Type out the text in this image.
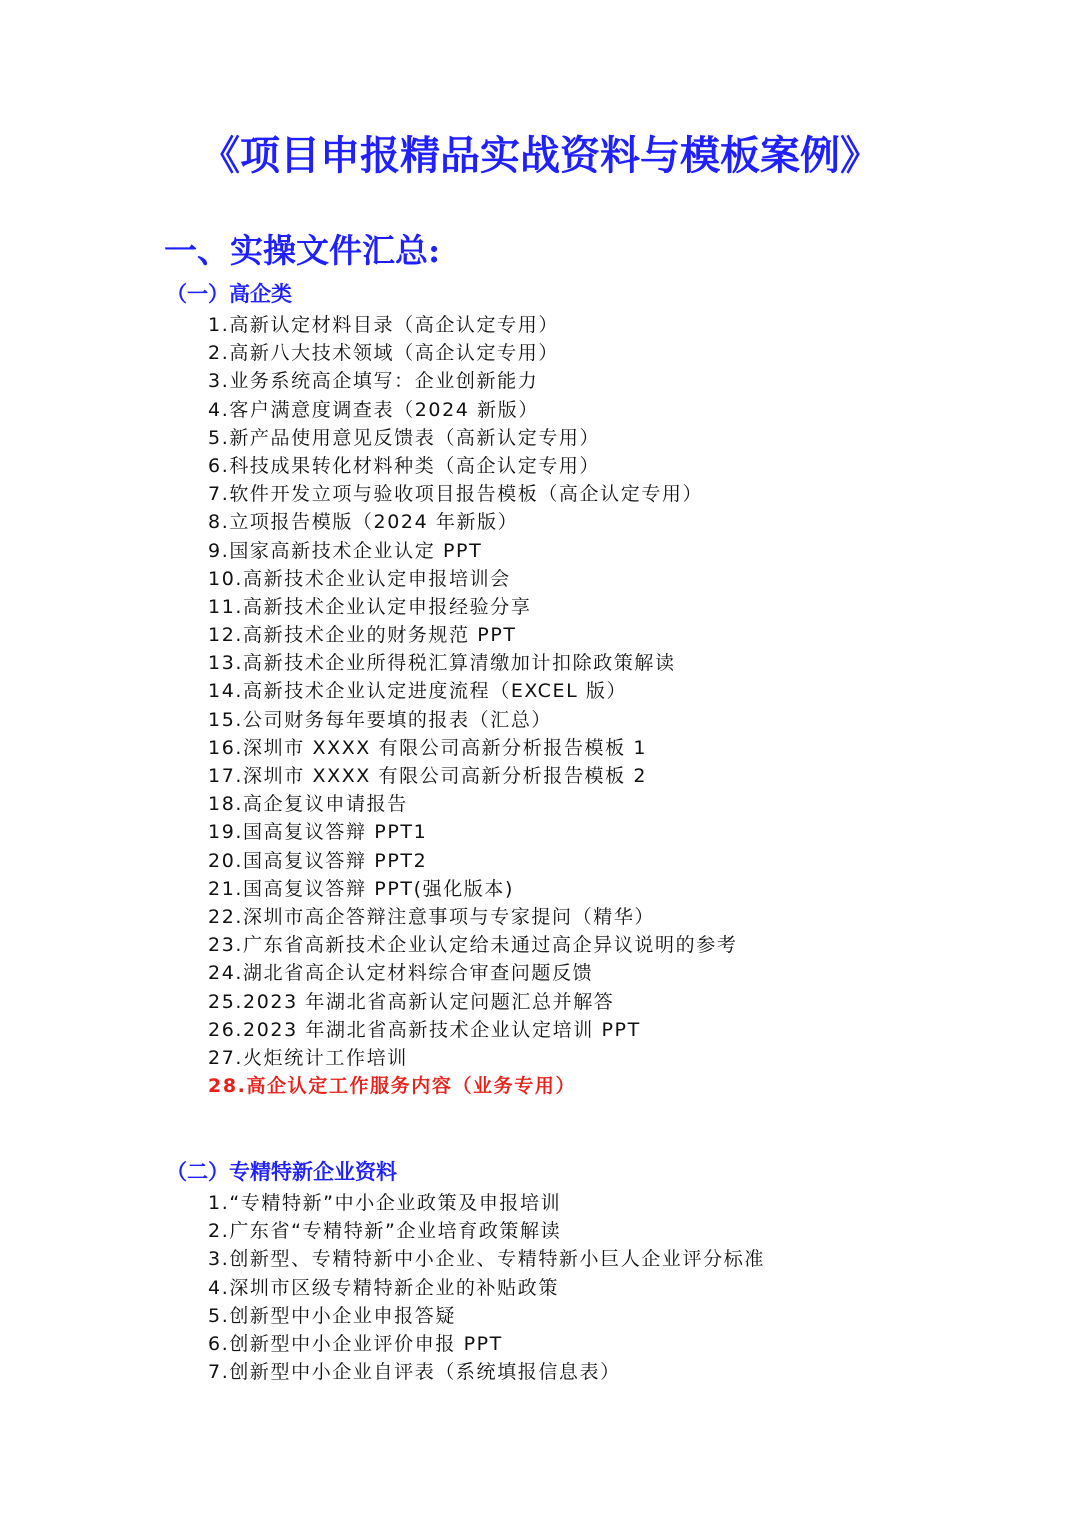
《项目申报精品实战资料与模板案例》
一、实操文件汇总:
（一）高企类
1.高新认定材料目录（高企认定专用）
2.高新八大技术领域（高企认定专用）
3.业务系统高企填写：企业创新能力
4.客户满意度调查表（2024 新版）
5.新产品使用意见反馈表（高新认定专用）
6.科技成果转化材料种类（高企认定专用）
7.软件开发立项与验收项目报告模板（高企认定专用）
8.立项报告模版（2024 年新版）
9.国家高新技术企业认定 PPT
10.高新技术企业认定申报培训会
11.高新技术企业认定申报经验分享
12.高新技术企业的财务规范 PPT
13.高新技术企业所得税汇算清缴加计扣除政策解读
14.高新技术企业认定进度流程（EXCEL 版）
15.公司财务每年要填的报表（汇总）
16.深圳市 XXXX 有限公司高新分析报告模板 1
17.深圳市 XXXX 有限公司高新分析报告模板 2
18.高企复议申请报告
19.国高复议答辩 PPT1
20.国高复议答辩 PPT2
21.国高复议答辩 PPT(强化版本)
22.深圳市高企答辩注意事项与专家提问（精华）
23.广东省高新技术企业认定给未通过高企异议说明的参考
24.湖北省高企认定材料综合审查问题反馈
25.2023 年湖北省高新认定问题汇总并解答
26.2023 年湖北省高新技术企业认定培训 PPT
27.火炬统计工作培训
28.高企认定工作服务内容（业务专用）
（二）专精特新企业资料
1.“专精特新”中小企业政策及申报培训
2.广东省“专精特新”企业培育政策解读
3.创新型、专精特新中小企业、专精特新小巨人企业评分标准
4.深圳市区级专精特新企业的补贴政策
5.创新型中小企业申报答疑
6.创新型中小企业评价申报 PPT
7.创新型中小企业自评表（系统填报信息表）
